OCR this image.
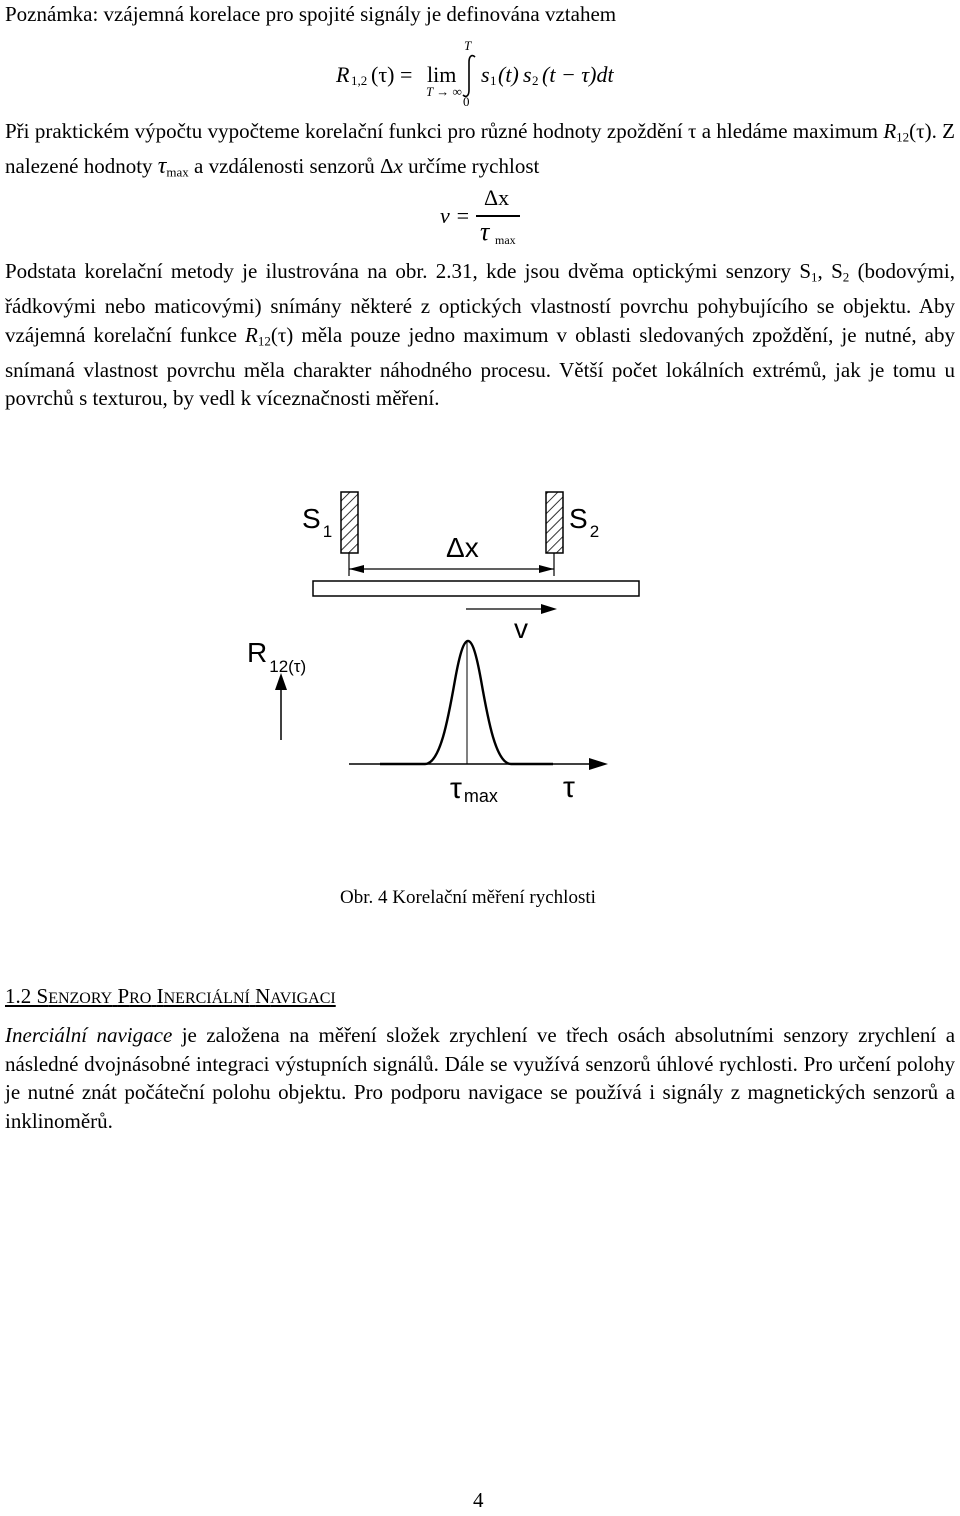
Poznámka: vzájemná korelace pro spojité signály je definována vztahem

R 1,2 (τ) = lim
T → ∞
T
0
s 1 (t) s 2 (t − τ)dt

Při praktickém výpočtu vypočteme korelační funkci pro různé hodnoty zpoždění τ a hledáme maximum $R_{12}(\tau)$. Z nalezené hodnoty $\tau_{max}$ a vzdálenosti senzorů Δx určíme rychlost

v =
Δx
τ max

Podstata korelační metody je ilustrována na obr. 2.31, kde jsou dvěma optickými senzory $S_1$, $S_2$ (bodovými, řádkovými nebo maticovými) snímány některé z optických vlastností povrchu pohybujícího se objektu. Aby vzájemná korelační funkce $R_{12}(\tau)$ měla pouze jedno maximum v oblasti sledovaných zpoždění, je nutné, aby snímaná vlastnost povrchu měla charakter náhodného procesu. Větší počet lokálních extrémů, jak je tomu u povrchů s texturou, by vedl k víceznačnosti měření.

S $_1$	S $_2$
Δx
v
R $_{12(\tau)}$
τmax τ
Obr. 4 Korelační měření rychlosti
1.2 SENZORY PRO INERCIÁLNÍ NAVIGACI

Inerciální navigace je založena na měření složek zrychlení ve třech osách absolutními senzory zrychlení a následné dvojnásobné integraci výstupních signálů. Dále se využívá senzorů úhlové rychlosti. Pro určení polohy je nutné znát počáteční polohu objektu. Pro podporu navigace se používá i signály z magnetických senzorů a inklinoměrů.

4
